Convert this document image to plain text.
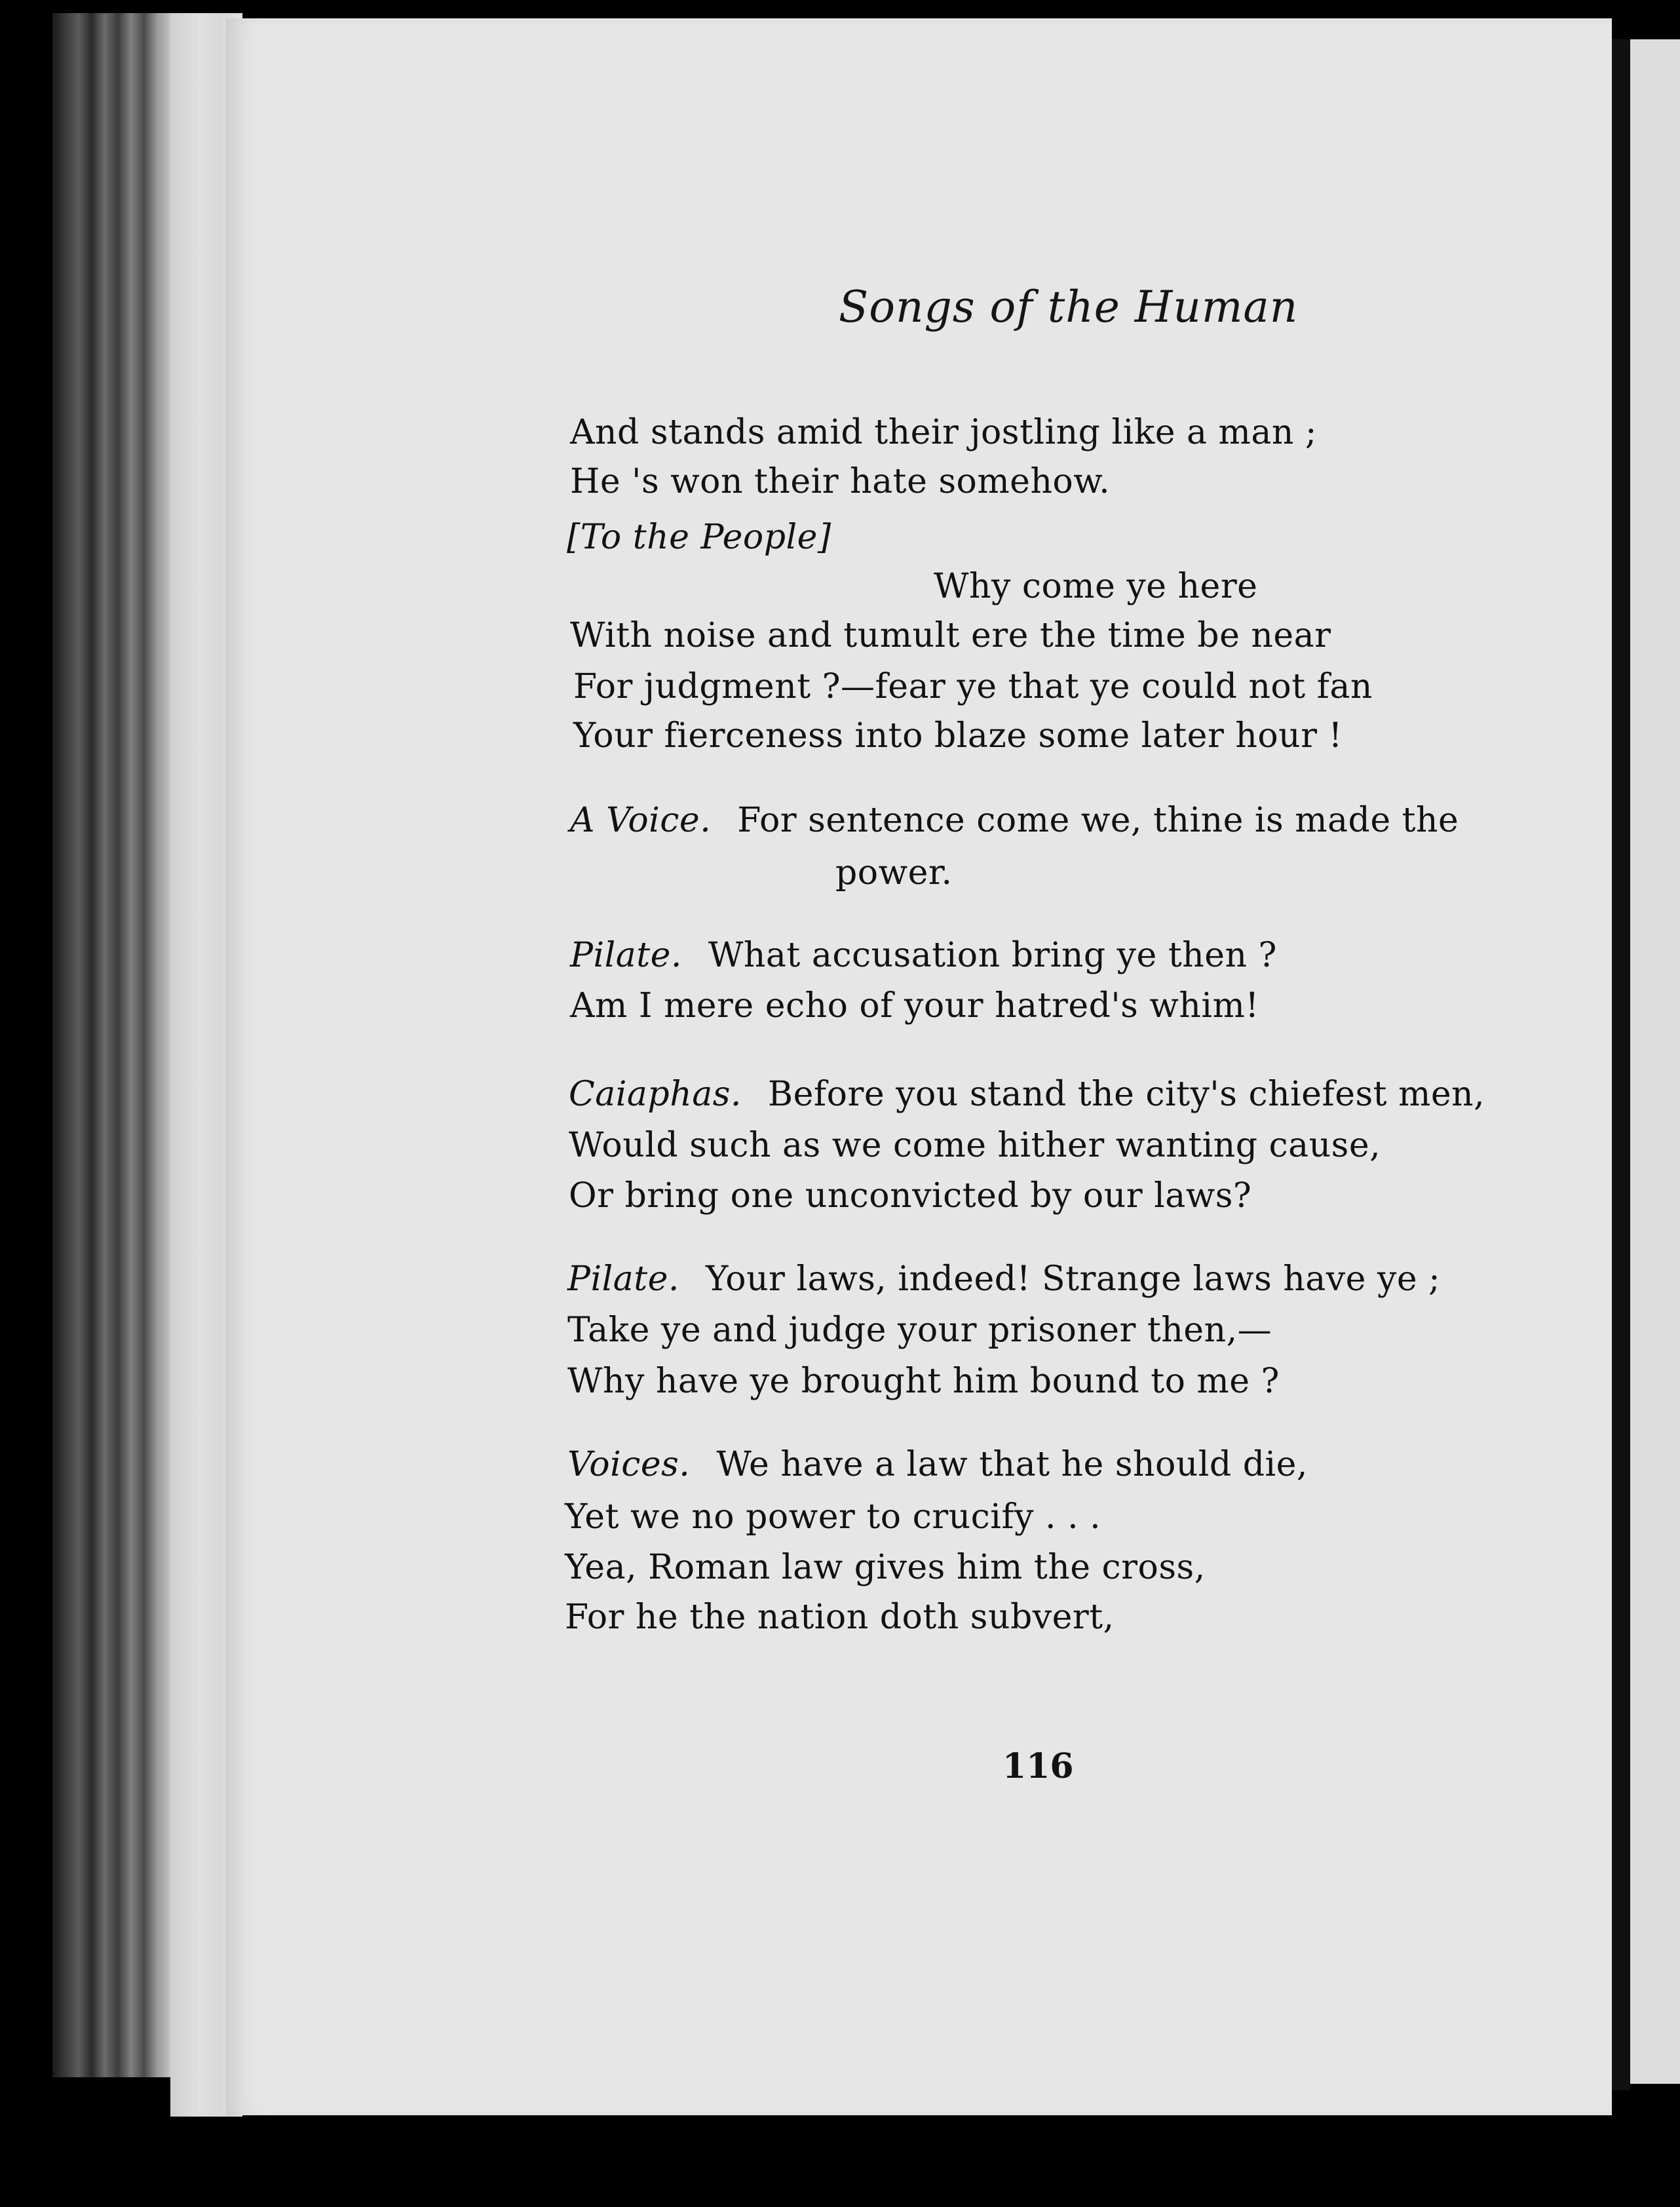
Songs of the Human
And stands amid their jostling like a man ;
He 's won their hate somehow.
[To the People]
Why come ye here
With noise and tumult ere the time be near
For judgment ?—fear ye that ye could not fan
Your fierceness into blaze some later hour !
A Voice. For sentence come we, thine is made the
power.
Pilate. What accusation bring ye then ?
Am I mere echo of your hatred's whim!
Caiaphas. Before you stand the city's chiefest men,
Would such as we come hither wanting cause,
Or bring one unconvicted by our laws?
Pilate. Your laws, indeed! Strange laws have ye ;
Take ye and judge your prisoner then,—
Why have ye brought him bound to me ?
Voices. We have a law that he should die,
Yet we no power to crucify . . .
Yea, Roman law gives him the cross,
For he the nation doth subvert,
116
